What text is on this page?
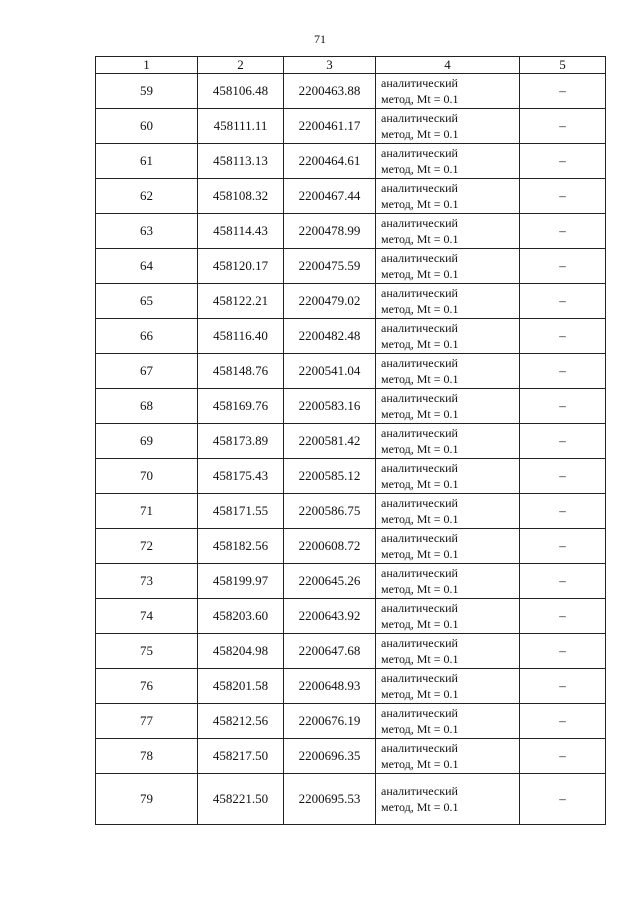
71
1	2	3	4	5
59	458106.48	2200463.88	аналитический
метод, Mt = 0.1	–
60	458111.11	2200461.17	аналитический
метод, Mt = 0.1	–
61	458113.13	2200464.61	аналитический
метод, Mt = 0.1	–
62	458108.32	2200467.44	аналитический
метод, Mt = 0.1	–
63	458114.43	2200478.99	аналитический
метод, Mt = 0.1	–
64	458120.17	2200475.59	аналитический
метод, Mt = 0.1	–
65	458122.21	2200479.02	аналитический
метод, Mt = 0.1	–
66	458116.40	2200482.48	аналитический
метод, Mt = 0.1	–
67	458148.76	2200541.04	аналитический
метод, Mt = 0.1	–
68	458169.76	2200583.16	аналитический
метод, Mt = 0.1	–
69	458173.89	2200581.42	аналитический
метод, Mt = 0.1	–
70	458175.43	2200585.12	аналитический
метод, Mt = 0.1	–
71	458171.55	2200586.75	аналитический
метод, Mt = 0.1	–
72	458182.56	2200608.72	аналитический
метод, Mt = 0.1	–
73	458199.97	2200645.26	аналитический
метод, Mt = 0.1	–
74	458203.60	2200643.92	аналитический
метод, Mt = 0.1	–
75	458204.98	2200647.68	аналитический
метод, Mt = 0.1	–
76	458201.58	2200648.93	аналитический
метод, Mt = 0.1	–
77	458212.56	2200676.19	аналитический
метод, Mt = 0.1	–
78	458217.50	2200696.35	аналитический
метод, Mt = 0.1	–
79	458221.50	2200695.53	аналитический
метод, Mt = 0.1	–
